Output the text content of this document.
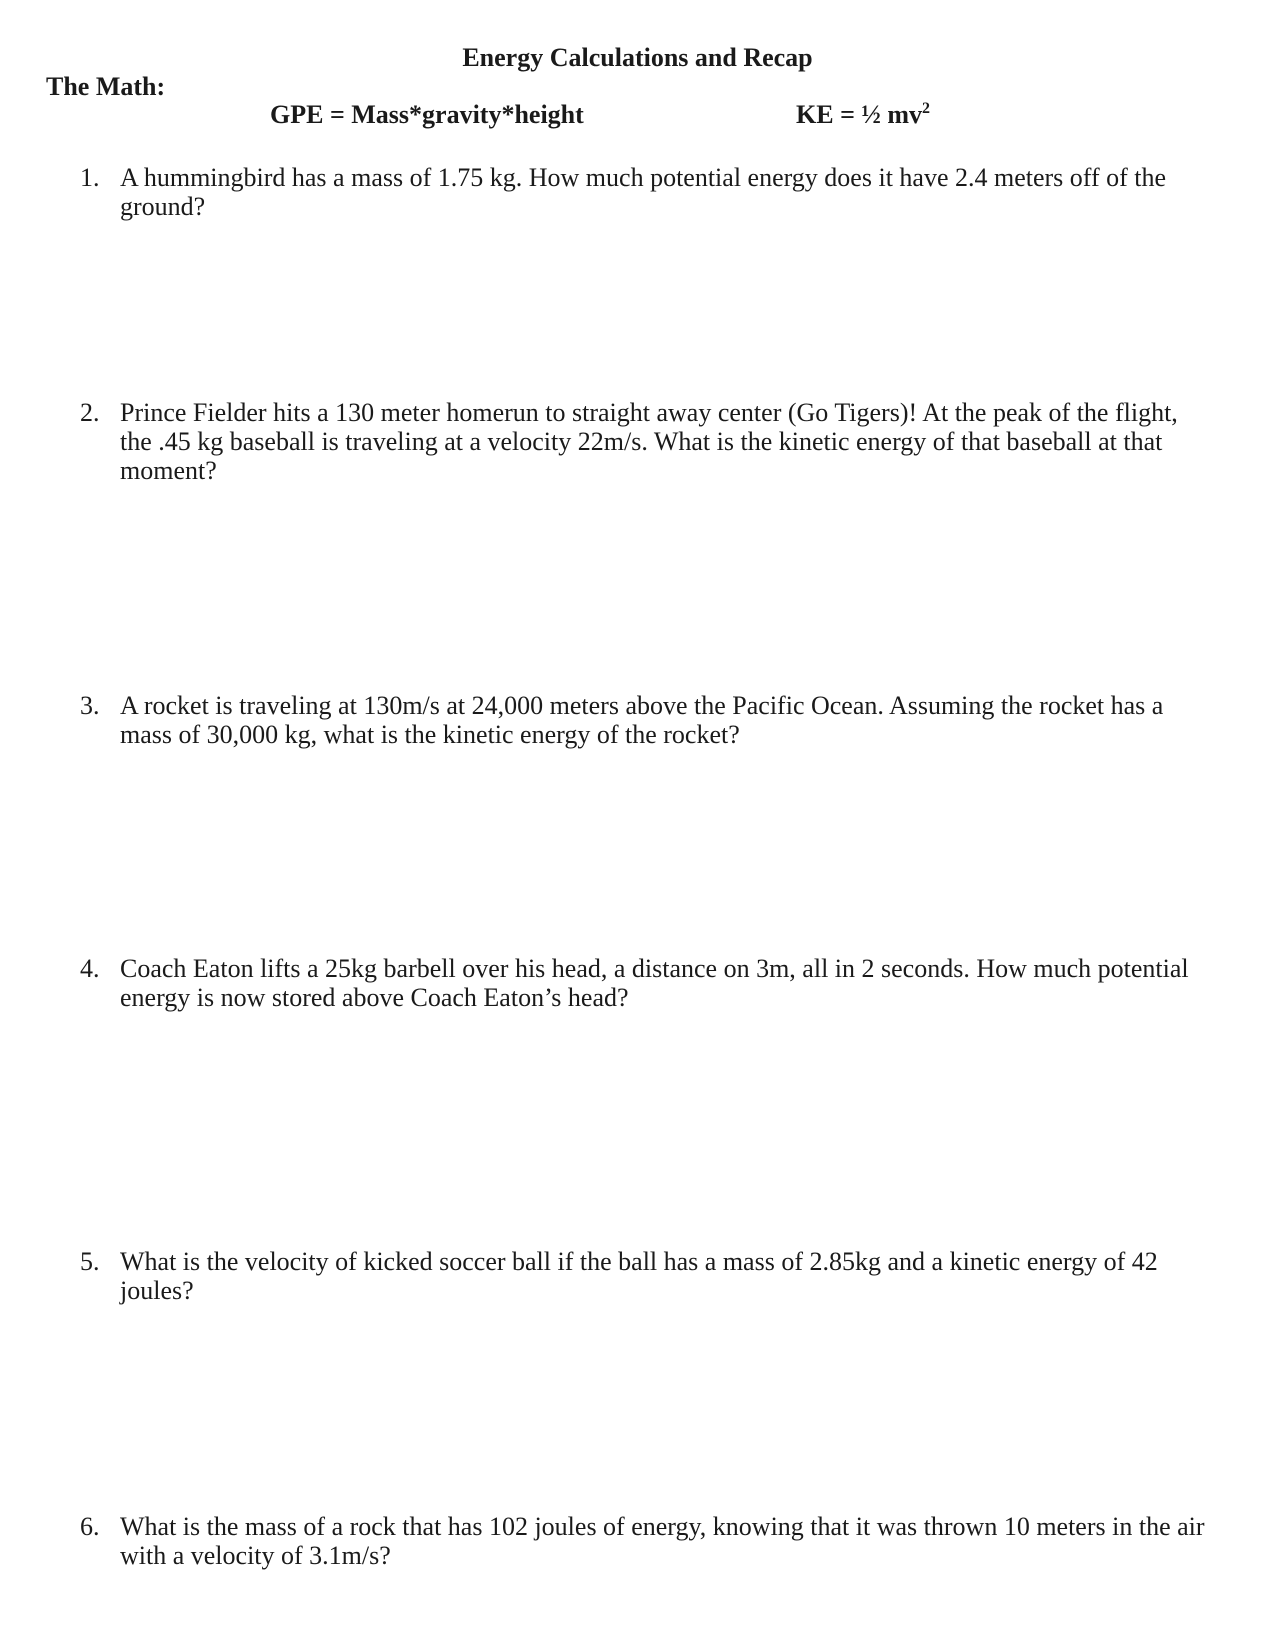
Energy Calculations and Recap
The Math:
GPE = Mass*gravity*height	KE = ½ $mv^2$
1. A hummingbird has a mass of 1.75 kg. How much potential energy does it have 2.4 meters off of the ground?
2. Prince Fielder hits a 130 meter homerun to straight away center (Go Tigers)! At the peak of the flight, the .45 kg baseball is traveling at a velocity 22m/s. What is the kinetic energy of that baseball at that moment?
3. A rocket is traveling at 130m/s at 24,000 meters above the Pacific Ocean. Assuming the rocket has a mass of 30,000 kg, what is the kinetic energy of the rocket?
4. Coach Eaton lifts a 25kg barbell over his head, a distance on 3m, all in 2 seconds. How much potential energy is now stored above Coach Eaton’s head?
5. What is the velocity of kicked soccer ball if the ball has a mass of 2.85kg and a kinetic energy of 42 joules?
6. What is the mass of a rock that has 102 joules of energy, knowing that it was thrown 10 meters in the air with a velocity of 3.1m/s?
